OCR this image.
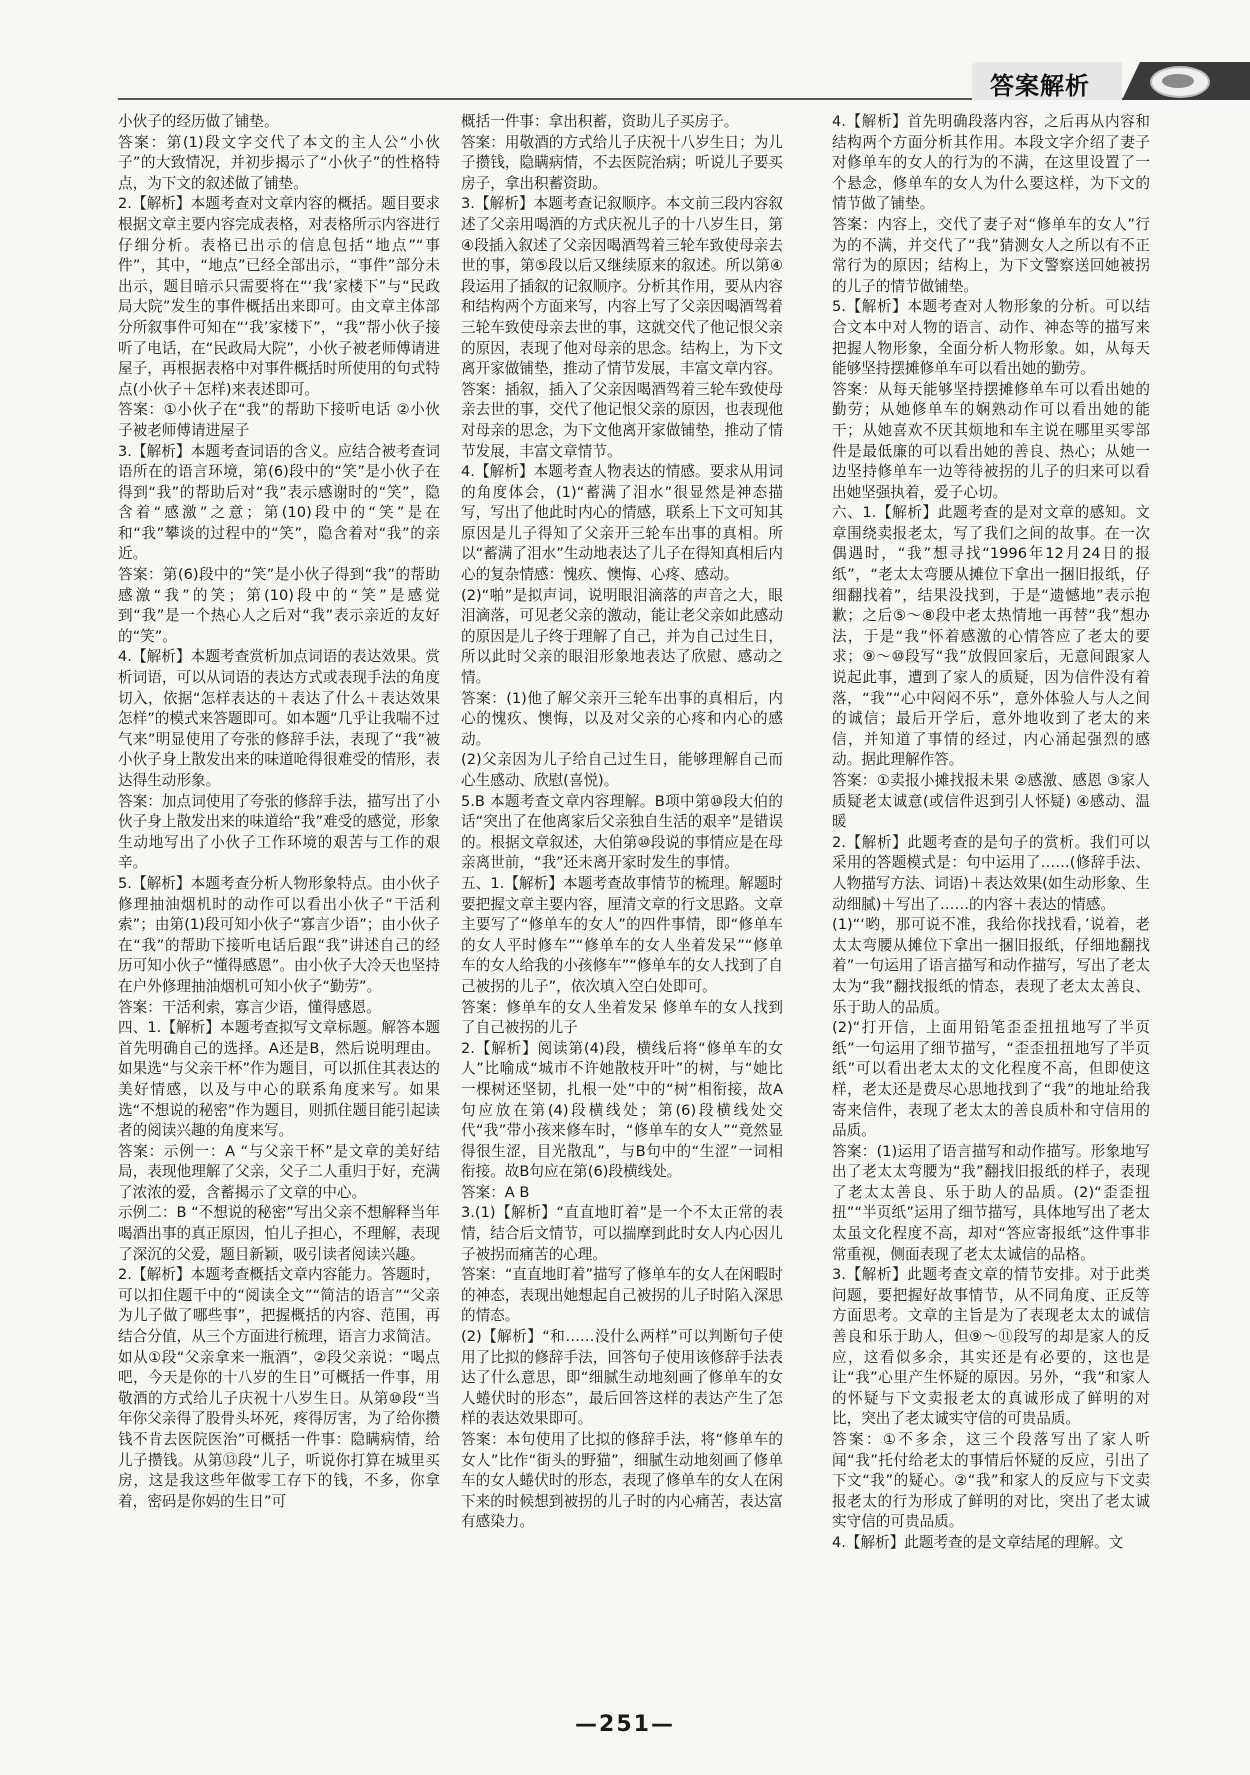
答案解析

小伙子的经历做了铺垫。

答案：第(1)段文字交代了本文的主人公“小伙子”的大致情况，并初步揭示了“小伙子”的性格特点，为下文的叙述做了铺垫。

2.【解析】本题考查对文章内容的概括。题目要求根据文章主要内容完成表格，对表格所示内容进行仔细分析。表格已出示的信息包括“地点”“事件”，其中，“地点”已经全部出示，“事件”部分未出示，题目暗示只需要将在“‘我’家楼下”与“民政局大院”发生的事件概括出来即可。由文章主体部分所叙事件可知在“‘我’家楼下”，“我”帮小伙子接听了电话，在“民政局大院”，小伙子被老师傅请进屋子，再根据表格中对事件概括时所使用的句式特点(小伙子＋怎样)来表述即可。

答案：①小伙子在“我”的帮助下接听电话 ②小伙子被老师傅请进屋子

3.【解析】本题考查词语的含义。应结合被考查词语所在的语言环境，第(6)段中的“笑”是小伙子在得到“我”的帮助后对“我”表示感谢时的“笑”，隐含着“感激”之意；第(10)段中的“笑”是在和“我”攀谈的过程中的“笑”，隐含着对“我”的亲近。

答案：第(6)段中的“笑”是小伙子得到“我”的帮助感激“我”的笑；第(10)段中的“笑”是感觉到“我”是一个热心人之后对“我”表示亲近的友好的“笑”。

4.【解析】本题考查赏析加点词语的表达效果。赏析词语，可以从词语的表达方式或表现手法的角度切入，依据“怎样表达的＋表达了什么＋表达效果怎样”的模式来答题即可。如本题“几乎让我喘不过气来”明显使用了夸张的修辞手法，表现了“我”被小伙子身上散发出来的味道呛得很难受的情形，表达得生动形象。

答案：加点词使用了夸张的修辞手法，描写出了小伙子身上散发出来的味道给“我”难受的感觉，形象生动地写出了小伙子工作环境的艰苦与工作的艰辛。

5.【解析】本题考查分析人物形象特点。由小伙子修理抽油烟机时的动作可以看出小伙子“干活利索”；由第(1)段可知小伙子“寡言少语”；由小伙子在“我”的帮助下接听电话后跟“我”讲述自己的经历可知小伙子“懂得感恩”。由小伙子大冷天也坚持在户外修理抽油烟机可知小伙子“勤劳”。

答案：干活利索，寡言少语，懂得感恩。

四、1.【解析】本题考查拟写文章标题。解答本题首先明确自己的选择。A还是B，然后说明理由。如果选“与父亲干杯”作为题目，可以抓住其表达的美好情感，以及与中心的联系角度来写。如果选“不想说的秘密”作为题目，则抓住题目能引起读者的阅读兴趣的角度来写。

答案：示例一：A “与父亲干杯”是文章的美好结局，表现他理解了父亲，父子二人重归于好，充满了浓浓的爱，含蓄揭示了文章的中心。

示例二：B “不想说的秘密”写出父亲不想解释当年喝酒出事的真正原因，怕儿子担心，不理解，表现了深沉的父爱，题目新颖，吸引读者阅读兴趣。

2.【解析】本题考查概括文章内容能力。答题时，可以扣住题干中的“阅读全文”“简洁的语言”“父亲为儿子做了哪些事”，把握概括的内容、范围，再结合分值，从三个方面进行梳理，语言力求简洁。如从①段“父亲拿来一瓶酒”，②段父亲说：“喝点吧，今天是你的十八岁的生日”可概括一件事，用敬酒的方式给儿子庆祝十八岁生日。从第⑩段“当年你父亲得了股骨头坏死，疼得厉害，为了给你攒钱不肯去医院医治”可概括一件事：隐瞒病情，给儿子攒钱。从第⑬段“儿子，听说你打算在城里买房，这是我这些年做零工存下的钱，不多，你拿着，密码是你妈的生日”可

概括一件事：拿出积蓄，资助儿子买房子。

答案：用敬酒的方式给儿子庆祝十八岁生日；为儿子攒钱，隐瞒病情，不去医院治病；听说儿子要买房子，拿出积蓄资助。

3.【解析】本题考查记叙顺序。本文前三段内容叙述了父亲用喝酒的方式庆祝儿子的十八岁生日，第④段插入叙述了父亲因喝酒驾着三轮车致使母亲去世的事，第⑤段以后又继续原来的叙述。所以第④段运用了插叙的记叙顺序。分析其作用，要从内容和结构两个方面来写，内容上写了父亲因喝酒驾着三轮车致使母亲去世的事，这就交代了他记恨父亲的原因，表现了他对母亲的思念。结构上，为下文离开家做铺垫，推动了情节发展，丰富文章内容。

答案：插叙，插入了父亲因喝酒驾着三轮车致使母亲去世的事，交代了他记恨父亲的原因，也表现他对母亲的思念，为下文他离开家做铺垫，推动了情节发展，丰富文章情节。

4.【解析】本题考查人物表达的情感。要求从用词的角度体会，(1)“蓄满了泪水”很显然是神态描写，写出了他此时内心的情感，联系上下文可知其原因是儿子得知了父亲开三轮车出事的真相。所以“蓄满了泪水”生动地表达了儿子在得知真相后内心的复杂情感：愧疚、懊悔、心疼、感动。

(2)“啪”是拟声词，说明眼泪滴落的声音之大，眼泪滴落，可见老父亲的激动，能让老父亲如此感动的原因是儿子终于理解了自己，并为自己过生日，所以此时父亲的眼泪形象地表达了欣慰、感动之情。

答案：(1)他了解父亲开三轮车出事的真相后，内心的愧疚、懊悔，以及对父亲的心疼和内心的感动。

(2)父亲因为儿子给自己过生日，能够理解自己而心生感动、欣慰(喜悦)。

5.B 本题考查文章内容理解。B项中第⑩段大伯的话“突出了在他离家后父亲独自生活的艰辛”是错误的。根据文章叙述，大伯第⑩段说的事情应是在母亲离世前，“我”还未离开家时发生的事情。

五、1.【解析】本题考查故事情节的梳理。解题时要把握文章主要内容，厘清文章的行文思路。文章主要写了“修单车的女人”的四件事情，即“修单车的女人平时修车”“修单车的女人坐着发呆”“修单车的女人给我的小孩修车”“修单车的女人找到了自己被拐的儿子”，依次填入空白处即可。

答案：修单车的女人坐着发呆 修单车的女人找到了自己被拐的儿子

2.【解析】阅读第(4)段，横线后将“修单车的女人”比喻成“城市不许她散枝开叶”的树，与“她比一棵树还坚韧，扎根一处”中的“树”相衔接，故A句应放在第(4)段横线处；第(6)段横线处交代“我”带小孩来修车时，“修单车的女人”“竟然显得很生涩，目光散乱”，与B句中的“生涩”一词相衔接。故B句应在第(6)段横线处。

答案：A B

3.(1)【解析】“直直地盯着”是一个不太正常的表情，结合后文情节，可以揣摩到此时女人内心因儿子被拐而痛苦的心理。

答案：“直直地盯着”描写了修单车的女人在闲暇时的神态，表现出她想起自己被拐的儿子时陷入深思的情态。

(2)【解析】“和……没什么两样”可以判断句子使用了比拟的修辞手法，回答句子使用该修辞手法表达了什么意思，即“细腻生动地刻画了修单车的女人蜷伏时的形态”，最后回答这样的表达产生了怎样的表达效果即可。

答案：本句使用了比拟的修辞手法，将“修单车的女人”比作“街头的野猫”，细腻生动地刻画了修单车的女人蜷伏时的形态，表现了修单车的女人在闲下来的时候想到被拐的儿子时的内心痛苦，表达富有感染力。

4.【解析】首先明确段落内容，之后再从内容和结构两个方面分析其作用。本段文字介绍了妻子对修单车的女人的行为的不满，在这里设置了一个悬念，修单车的女人为什么要这样，为下文的情节做了铺垫。

答案：内容上，交代了妻子对“修单车的女人”行为的不满，并交代了“我”猜测女人之所以有不正常行为的原因；结构上，为下文警察送回她被拐的儿子的情节做铺垫。

5.【解析】本题考查对人物形象的分析。可以结合文本中对人物的语言、动作、神态等的描写来把握人物形象，全面分析人物形象。如，从每天能够坚持摆摊修单车可以看出她的勤劳。

答案：从每天能够坚持摆摊修单车可以看出她的勤劳；从她修单车的娴熟动作可以看出她的能干；从她喜欢不厌其烦地和车主说在哪里买零部件是最低廉的可以看出她的善良、热心；从她一边坚持修单车一边等待被拐的儿子的归来可以看出她坚强执着，爱子心切。

六、1.【解析】此题考查的是对文章的感知。文章围绕卖报老太，写了我们之间的故事。在一次偶遇时，“我”想寻找“1996年12月24日的报纸”，“老太太弯腰从摊位下拿出一捆旧报纸，仔细翻找着”，结果没找到，于是“遗憾地”表示抱歉；之后⑤～⑧段中老太热情地一再替“我”想办法，于是“我”怀着感激的心情答应了老太的要求；⑨～⑩段写“我”放假回家后，无意间跟家人说起此事，遭到了家人的质疑，因为信件没有着落，“我”“心中闷闷不乐”，意外体验人与人之间的诚信；最后开学后，意外地收到了老太的来信，并知道了事情的经过，内心涌起强烈的感动。据此理解作答。

答案：①卖报小摊找报未果 ②感激、感恩 ③家人质疑老太诚意(或信件迟到引人怀疑) ④感动、温暖

2.【解析】此题考查的是句子的赏析。我们可以采用的答题模式是：句中运用了……(修辞手法、人物描写方法、词语)＋表达效果(如生动形象、生动细腻)＋写出了……的内容＋表达的情感。

(1)“‘哟，那可说不准，我给你找找看，’说着，老太太弯腰从摊位下拿出一捆旧报纸，仔细地翻找着”一句运用了语言描写和动作描写，写出了老太太为“我”翻找报纸的情态，表现了老太太善良、乐于助人的品质。

(2)“打开信，上面用铅笔歪歪扭扭地写了半页纸”一句运用了细节描写，“歪歪扭扭地写了半页纸”可以看出老太太的文化程度不高，但即使这样，老太还是费尽心思地找到了“我”的地址给我寄来信件，表现了老太太的善良质朴和守信用的品质。

答案：(1)运用了语言描写和动作描写。形象地写出了老太太弯腰为“我”翻找旧报纸的样子，表现了老太太善良、乐于助人的品质。(2)“歪歪扭扭”“半页纸”运用了细节描写，具体地写出了老太太虽文化程度不高，却对“答应寄报纸”这件事非常重视，侧面表现了老太太诚信的品格。

3.【解析】此题考查文章的情节安排。对于此类问题，要把握好故事情节，从不同角度、正反等方面思考。文章的主旨是为了表现老太太的诚信善良和乐于助人，但⑨～⑪段写的却是家人的反应，这看似多余，其实还是有必要的，这也是让“我”心里产生怀疑的原因。另外，“我”和家人的怀疑与下文卖报老太的真诚形成了鲜明的对比，突出了老太诚实守信的可贵品质。

答案：①不多余，这三个段落写出了家人听闻“我”托付给老太的事情后怀疑的反应，引出了下文“我”的疑心。②“我”和家人的反应与下文卖报老太的行为形成了鲜明的对比，突出了老太诚实守信的可贵品质。

4.【解析】此题考查的是文章结尾的理解。文

—251—
